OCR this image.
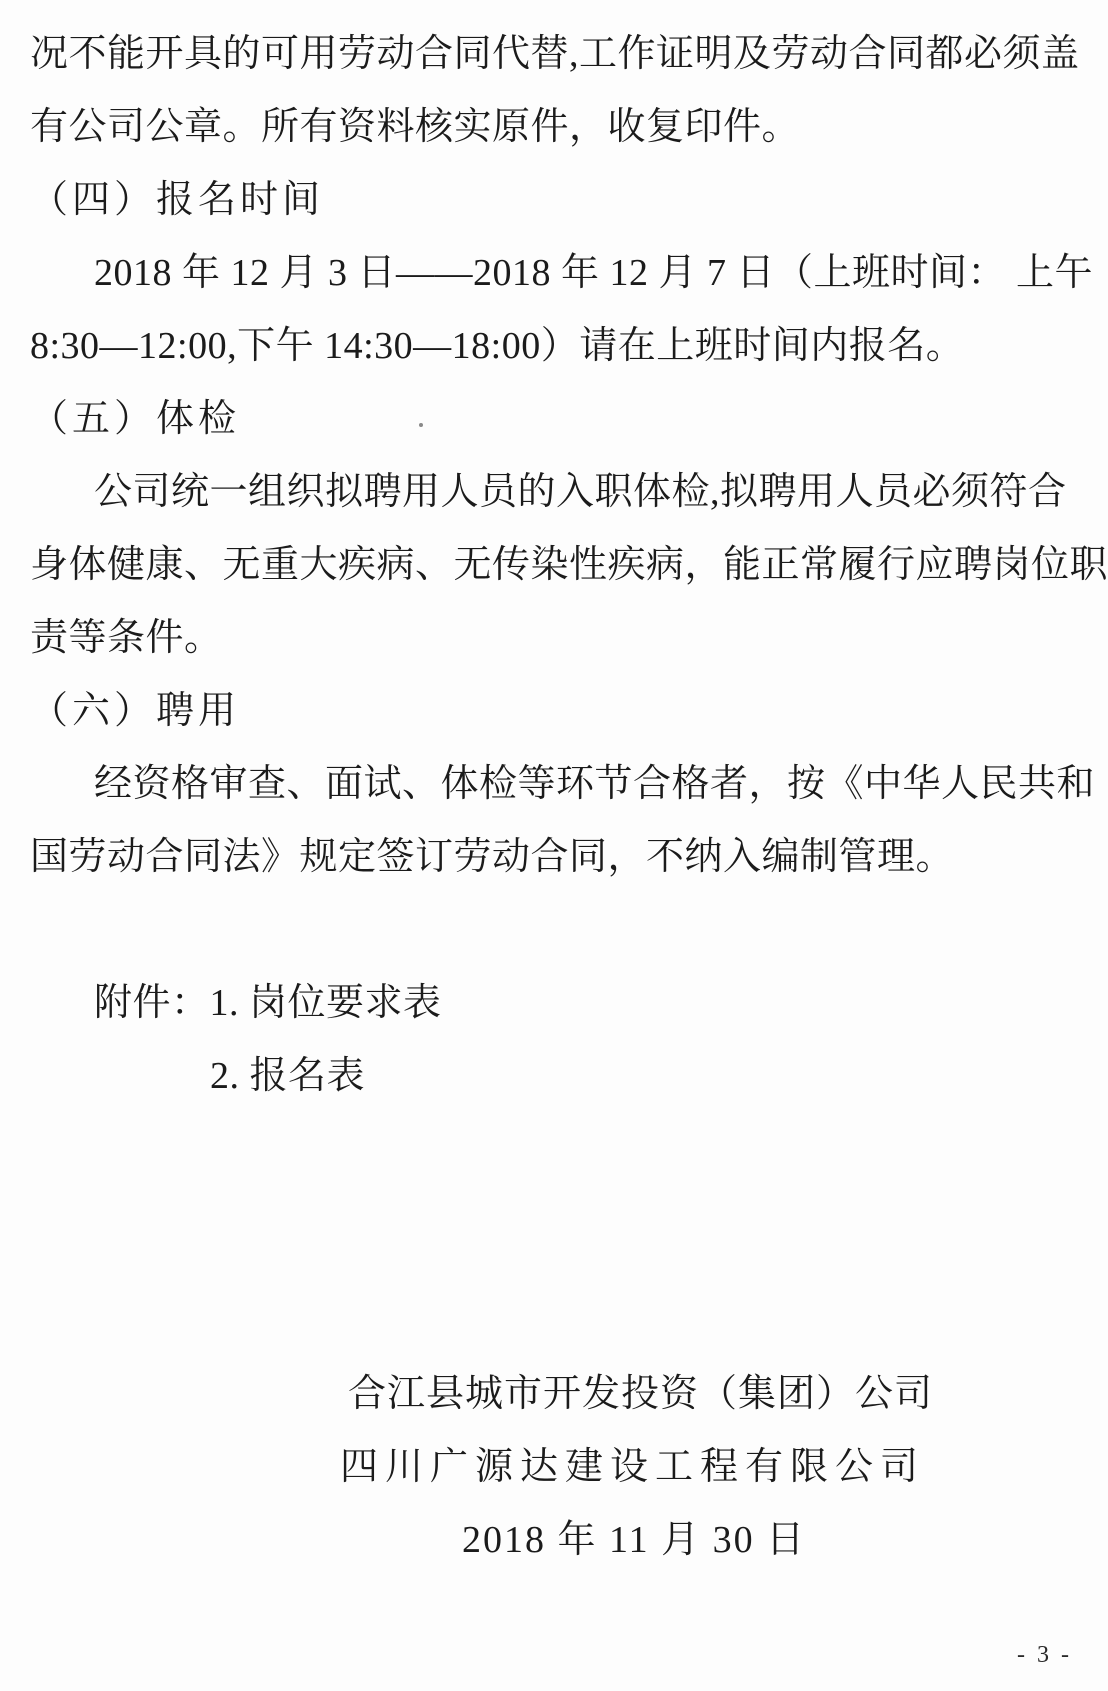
况不能开具的可用劳动合同代替,工作证明及劳动合同都必须盖
有公司公章。所有资料核实原件，收复印件。
（四）报名时间
2018 年 12 月 3 日——2018 年 12 月 7 日（上班时间： 上午
8:30—12:00,下午 14:30—18:00）请在上班时间内报名。
（五）体检
公司统一组织拟聘用人员的入职体检,拟聘用人员必须符合
身体健康、无重大疾病、无传染性疾病，能正常履行应聘岗位职
责等条件。
（六）聘用
经资格审查、面试、体检等环节合格者，按《中华人民共和
国劳动合同法》规定签订劳动合同，不纳入编制管理。
附件：1. 岗位要求表
2. 报名表
合江县城市开发投资（集团）公司
四川广源达建设工程有限公司
2018 年 11 月 30 日
- 3 -
